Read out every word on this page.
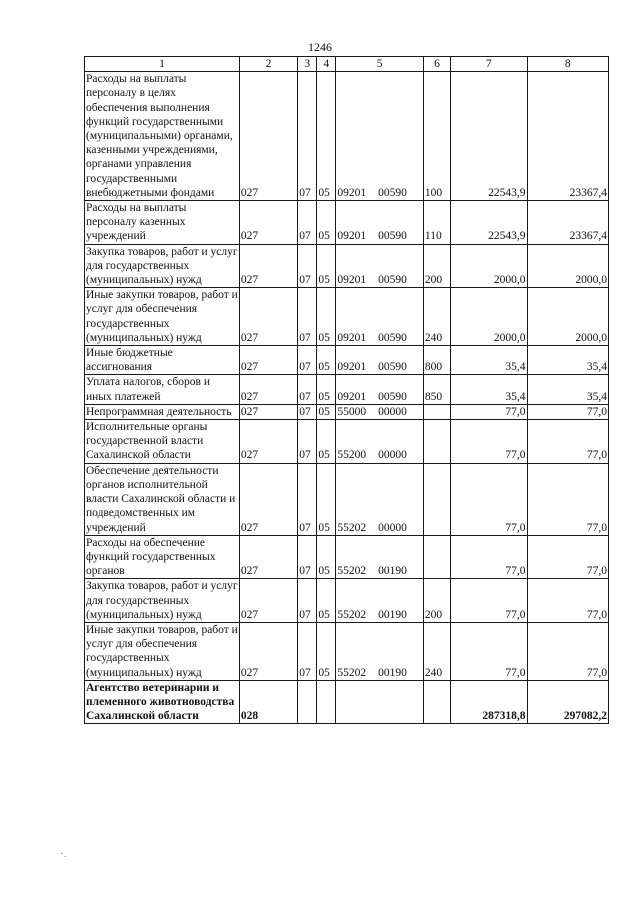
1246
1	2	3	4	5	6	7	8
Расходы на выплаты персоналу в целях обеспечения выполнения функций государственными (муниципальными) органами, казенными учреждениями, органами управления государственными внебюджетными фондами	027	07	05	09201 00590	100	22543,9	23367,4
Расходы на выплаты персоналу казенных учреждений	027	07	05	09201 00590	110	22543,9	23367,4
Закупка товаров, работ и услуг для государственных (муниципальных) нужд	027	07	05	09201 00590	200	2000,0	2000,0
Иные закупки товаров, работ и услуг для обеспечения государственных (муниципальных) нужд	027	07	05	09201 00590	240	2000,0	2000,0
Иные бюджетные ассигнования	027	07	05	09201 00590	800	35,4	35,4
Уплата налогов, сборов и иных платежей	027	07	05	09201 00590	850	35,4	35,4
Непрограммная деятельность	027	07	05	55000 00000		77,0	77,0
Исполнительные органы государственной власти Сахалинской области	027	07	05	55200 00000		77,0	77,0
Обеспечение деятельности органов исполнительной власти Сахалинской области и подведомственных им учреждений	027	07	05	55202 00000		77,0	77,0
Расходы на обеспечение функций государственных органов	027	07	05	55202 00190		77,0	77,0
Закупка товаров, работ и услуг для государственных (муниципальных) нужд	027	07	05	55202 00190	200	77,0	77,0
Иные закупки товаров, работ и услуг для обеспечения государственных (муниципальных) нужд	027	07	05	55202 00190	240	77,0	77,0
Агентство ветеринарии и племенного животноводства Сахалинской области	028					287318,8	297082,2
·.
